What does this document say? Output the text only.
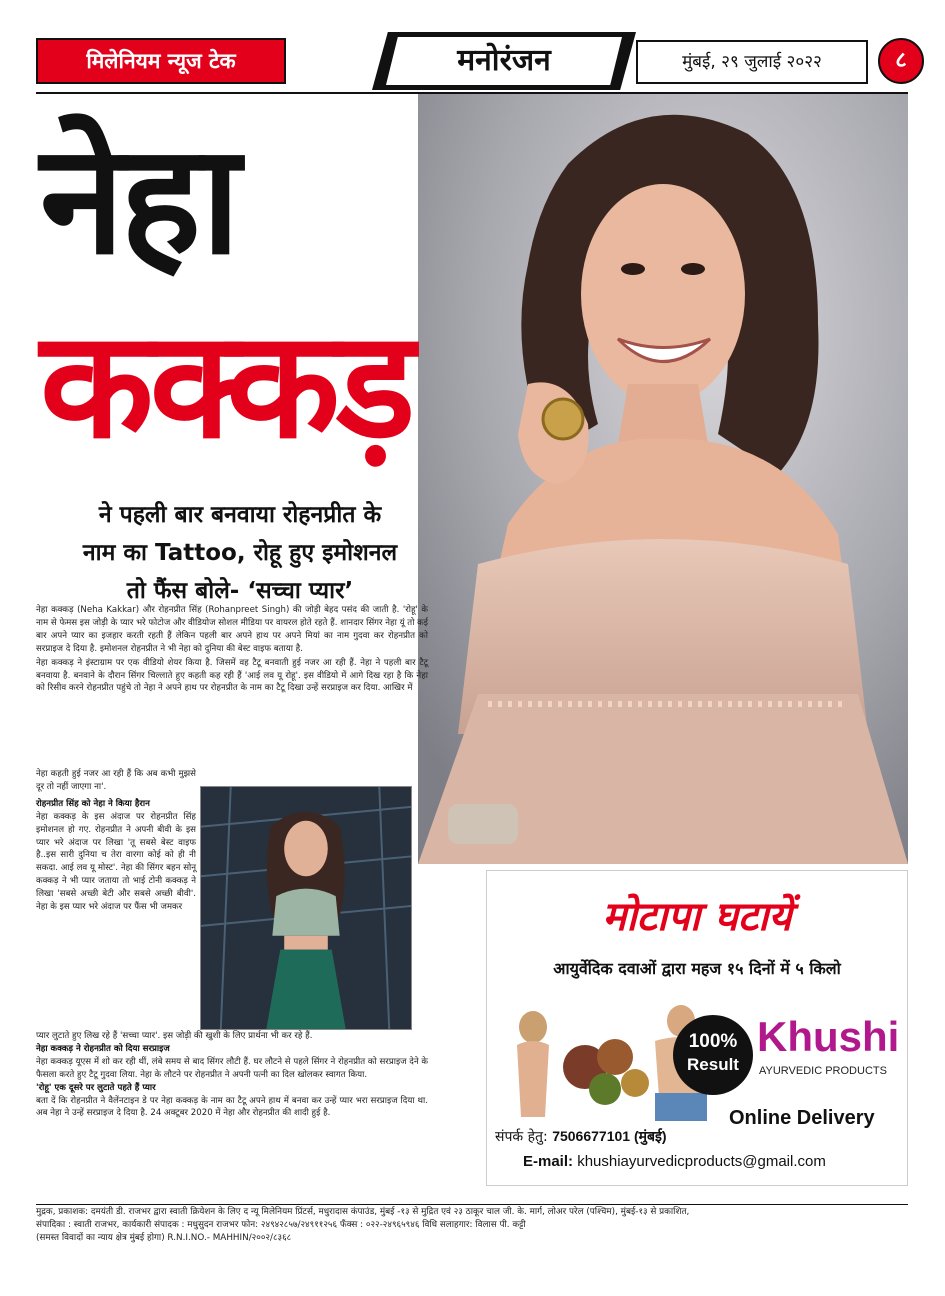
मिलेनियम न्यूज टेक	मनोरंजन	मुंबई, २९ जुलाई २०२२	८
नेहा
कक्कड़
ने पहली बार बनवाया रोहनप्रीत के
नाम का Tattoo, रोहू हुए इमोशनल
तो फैंस बोले- ‘सच्चा प्यार’

नेहा कक्कड़ (Neha Kakkar) और रोहनप्रीत सिंह (Rohanpreet Singh) की जोड़ी बेहद पसंद की जाती है. 'रोहू' के नाम से फेमस इस जोड़ी के प्यार भरे फोटोज और वीडियोज सोशल मीडिया पर वायरल होते रहते हैं. शानदार सिंगर नेहा यूं तो कई बार अपने प्यार का इजहार करती रहती हैं लेकिन पहली बार अपने हाथ पर अपने मियां का नाम गुदवा कर रोहनप्रीत को सरप्राइज दे दिया है. इमोशनल रोहनप्रीत ने भी नेहा को दुनिया की बेस्ट वाइफ बताया है.

नेहा कक्कड़ ने इंस्टाग्राम पर एक वीडियो शेयर किया है. जिसमें वह टैटू बनवाती हुई नजर आ रही हैं. नेहा ने पहली बार टैटू बनवाया है. बनवाने के दौरान सिंगर चिल्लाते हुए कहती कह रही हैं 'आई लव यू रोहू'. इस वीडियो में आगे दिख रहा है कि नेहा को रिसीव करने रोहनप्रीत पहुंचे तो नेहा ने अपने हाथ पर रोहनप्रीत के नाम का टैटू दिखा उन्हें सरप्राइज कर दिया. आखिर में

नेहा कहती हुई नजर आ रही हैं कि अब कभी मुझसे दूर तो नहीं जाएगा ना'.

रोहनप्रीत सिंह को नेहा ने किया हैरान

नेहा कक्कड़ के इस अंदाज पर रोहनप्रीत सिंह इमोशनल हो गए. रोहनप्रीत ने अपनी बीवी के इस प्यार भरे अंदाज पर लिखा 'तू सबसे बेस्ट वाइफ है..इस सारी दुनिया च तेरा वारगा कोई को ही नी सकदा. आई लव यू मोस्ट'. नेहा की सिंगर बहन सोनू कक्कड़ ने भी प्यार जताया तो भाई टोनी कक्कड़ ने लिखा 'सबसे अच्छी बेटी और सबसे अच्छी बीवी'. नेहा के इस प्यार भरे अंदाज पर फैंस भी जमकर

प्यार लुटाते हुए लिख रहे हैं 'सच्चा प्यार'. इस जोड़ी की खुशी के लिए प्रार्थना भी कर रहे हैं.

नेहा कक्कड़ ने रोहनप्रीत को दिया सरप्राइज

नेहा कक्कड़ यूएस में शो कर रही थीं, लंबे समय से बाद सिंगर लौटी हैं. घर लौटने से पहले सिंगर ने रोहनप्रीत को सरप्राइज देने के फैसला करते हुए टैटू गुदवा लिया. नेहा के लौटने पर रोहनप्रीत ने अपनी पत्नी का दिल खोलकर स्वागत किया.

'रोहू' एक दूसरे पर लुटाते पहते हैं प्यार

बता दें कि रोहनप्रीत ने वैलेंनटाइन डे पर नेहा कक्कड़ के नाम का टैटू अपने हाथ में बनवा कर उन्हें प्यार भरा सरप्राइज दिया था. अब नेहा ने उन्हें सरप्राइज दे दिया है. 24 अक्टूबर 2020 में नेहा और रोहनप्रीत की शादी हुई है.

मोटापा घटायें
आयुर्वेदिक दवाओं द्वारा महज १५ दिनों में ५ किलो
100%
Result
Khushi
AYURVEDIC PRODUCTS
Online Delivery
संपर्क हेतु: 7506677101 (मुंबई)
E-mail: khushiayurvedicproducts@gmail.com
मुद्रक, प्रकाशक: दमयंती डी. राजभर द्वारा स्वाती क्रियेशन के लिए द न्यू मिलेनियम प्रिंटर्स, मधुरादास कंपाउंड, मुंबई -१३ से मुद्रित एवं २३ ठाकूर चाल जी. के. मार्ग, लोअर परेल (पश्चिम), मुंबई-१३ से प्रकाशित,
संपादिका : स्वाती राजभर, कार्यकारी संपादक : मधुसुदन राजभर फोन: २४९४२८५७/२४९११२५६ फँक्स : ०२२-२४९६५९४६ विधि सलाहगार: विलास पी. कट्टी
(समस्त विवादों का न्याय क्षेत्र मुंबई होगा) R.N.I.NO.- MAHHIN/२००२/८३६८
